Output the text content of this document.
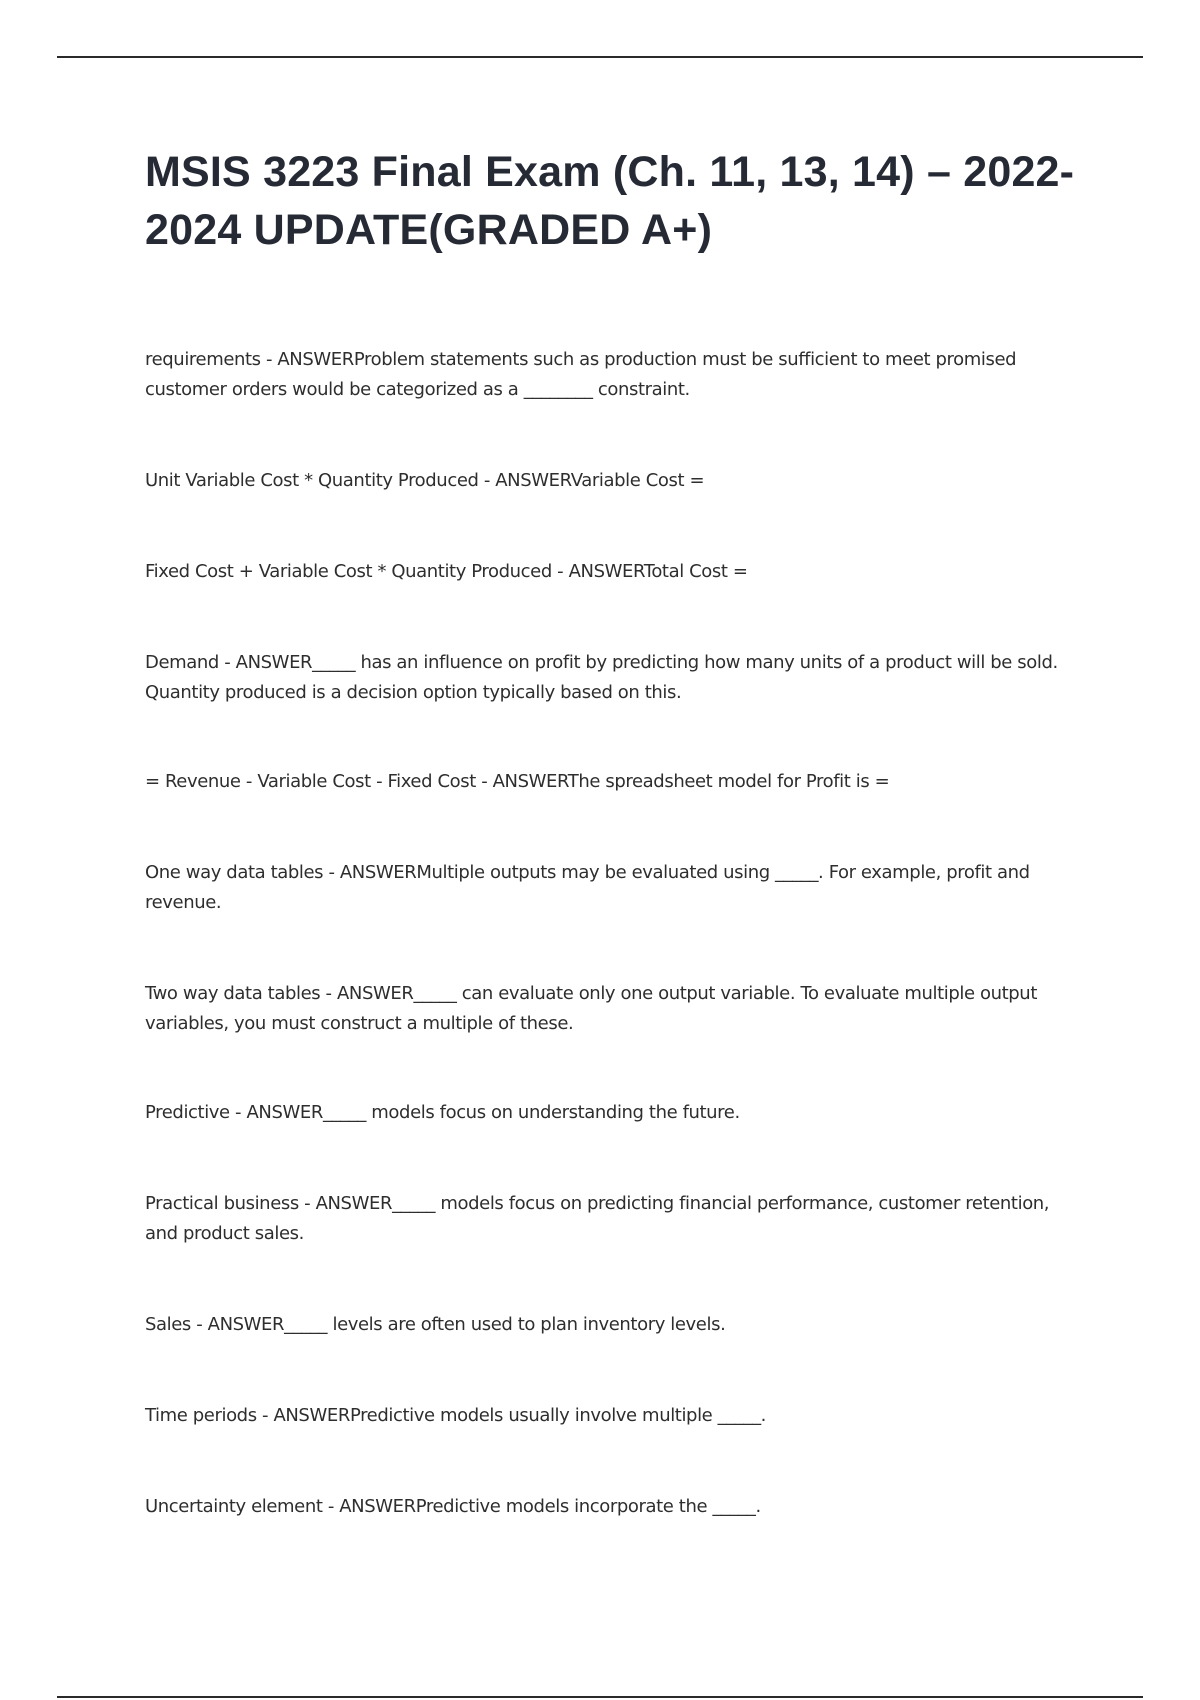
MSIS 3223 Final Exam (Ch. 11, 13, 14) – 2022-2024 UPDATE(GRADED A+)

requirements - ANSWERProblem statements such as production must be sufficient to meet promised customer orders would be categorized as a ________ constraint.

Unit Variable Cost * Quantity Produced - ANSWERVariable Cost =

Fixed Cost + Variable Cost * Quantity Produced - ANSWERTotal Cost =

Demand - ANSWER_____ has an influence on profit by predicting how many units of a product will be sold. Quantity produced is a decision option typically based on this.

= Revenue - Variable Cost - Fixed Cost - ANSWERThe spreadsheet model for Profit is =

One way data tables - ANSWERMultiple outputs may be evaluated using _____. For example, profit and revenue.

Two way data tables - ANSWER_____ can evaluate only one output variable. To evaluate multiple output variables, you must construct a multiple of these.

Predictive - ANSWER_____ models focus on understanding the future.

Practical business - ANSWER_____ models focus on predicting financial performance, customer retention, and product sales.

Sales - ANSWER_____ levels are often used to plan inventory levels.

Time periods - ANSWERPredictive models usually involve multiple _____.

Uncertainty element - ANSWERPredictive models incorporate the _____.
